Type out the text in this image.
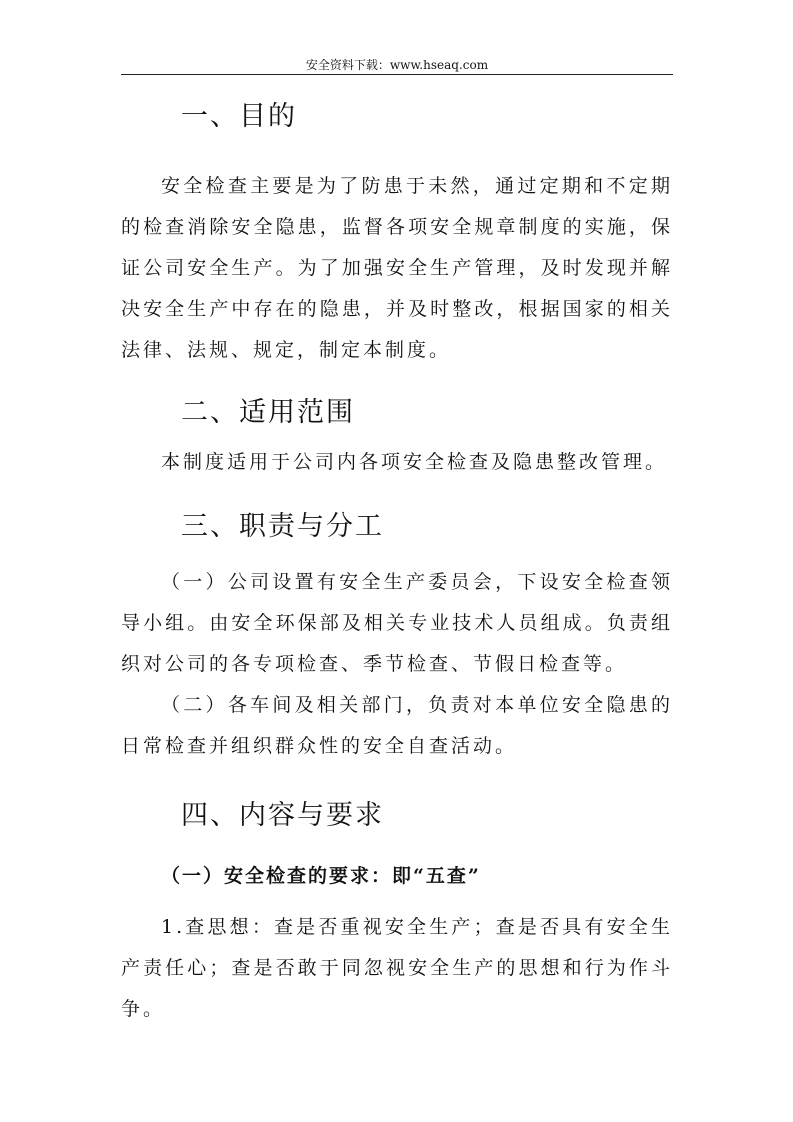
安全资料下载：www.hseaq.com
一、目的

安全检查主要是为了防患于未然，通过定期和不定期的检查消除安全隐患，监督各项安全规章制度的实施，保证公司安全生产。为了加强安全生产管理，及时发现并解决安全生产中存在的隐患，并及时整改，根据国家的相关法律、法规、规定，制定本制度。

二、适用范围

本制度适用于公司内各项安全检查及隐患整改管理。

三、职责与分工

（一）公司设置有安全生产委员会，下设安全检查领导小组。由安全环保部及相关专业技术人员组成。负责组织对公司的各专项检查、季节检查、节假日检查等。

（二）各车间及相关部门，负责对本单位安全隐患的日常检查并组织群众性的安全自查活动。

四、内容与要求

（一）安全检查的要求：即“五查”

1.查思想：查是否重视安全生产；查是否具有安全生产责任心；查是否敢于同忽视安全生产的思想和行为作斗争。
